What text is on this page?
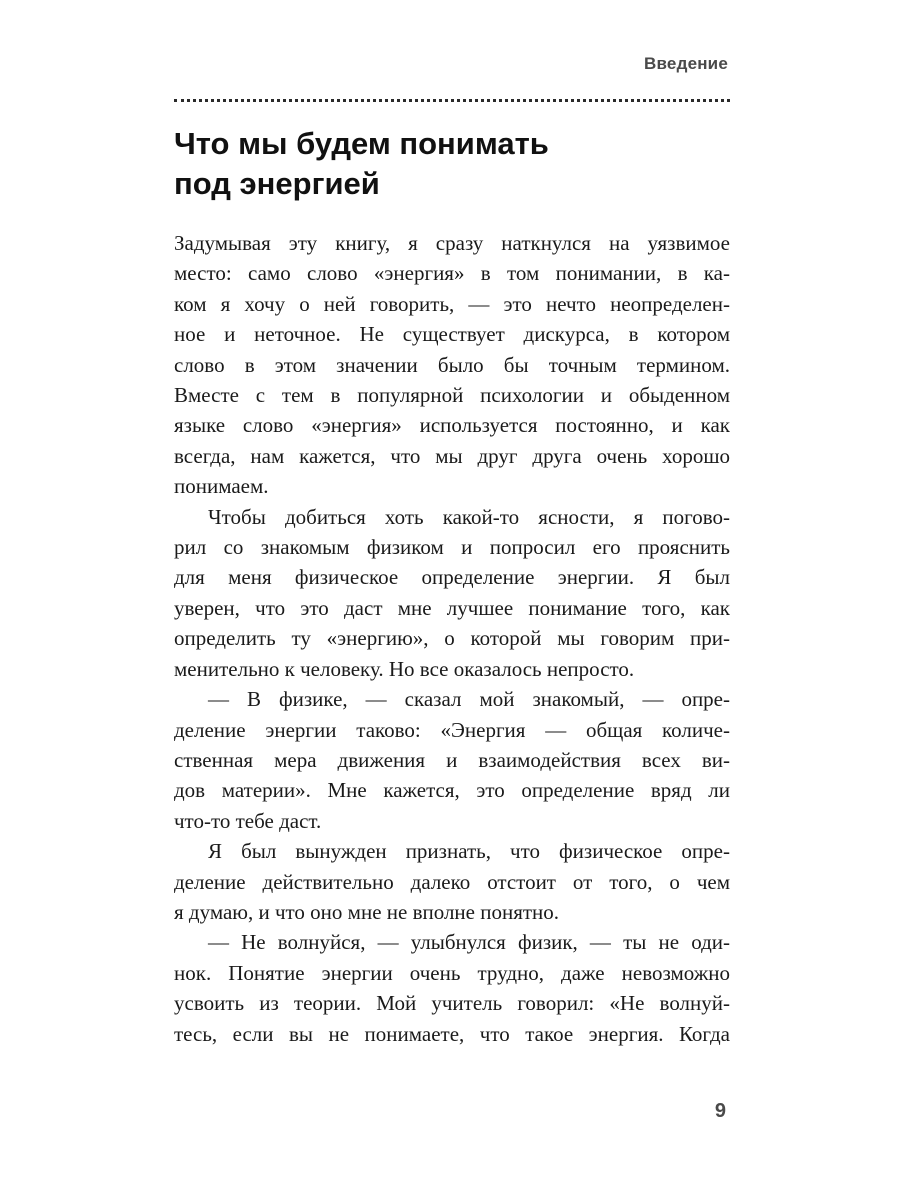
Введение
Что мы будем понимать
под энергией
Задумывая эту книгу, я сразу наткнулся на уязвимое
место: само слово «энергия» в том понимании, в ка-
ком я хочу о ней говорить, — это нечто неопределен-
ное и неточное. Не существует дискурса, в котором
слово в этом значении было бы точным термином.
Вместе с тем в популярной психологии и обыденном
языке слово «энергия» используется постоянно, и как
всегда, нам кажется, что мы друг друга очень хорошо
понимаем.
Чтобы добиться хоть какой-то ясности, я погово-
рил со знакомым физиком и попросил его прояснить
для меня физическое определение энергии. Я был
уверен, что это даст мне лучшее понимание того, как
определить ту «энергию», о которой мы говорим при-
менительно к человеку. Но все оказалось непросто.
— В физике, — сказал мой знакомый, — опре-
деление энергии таково: «Энергия — общая количе-
ственная мера движения и взаимодействия всех ви-
дов материи». Мне кажется, это определение вряд ли
что-то тебе даст.
Я был вынужден признать, что физическое опре-
деление действительно далеко отстоит от того, о чем
я думаю, и что оно мне не вполне понятно.
— Не волнуйся, — улыбнулся физик, — ты не оди-
нок. Понятие энергии очень трудно, даже невозможно
усвоить из теории. Мой учитель говорил: «Не волнуй-
тесь, если вы не понимаете, что такое энергия. Когда
9
